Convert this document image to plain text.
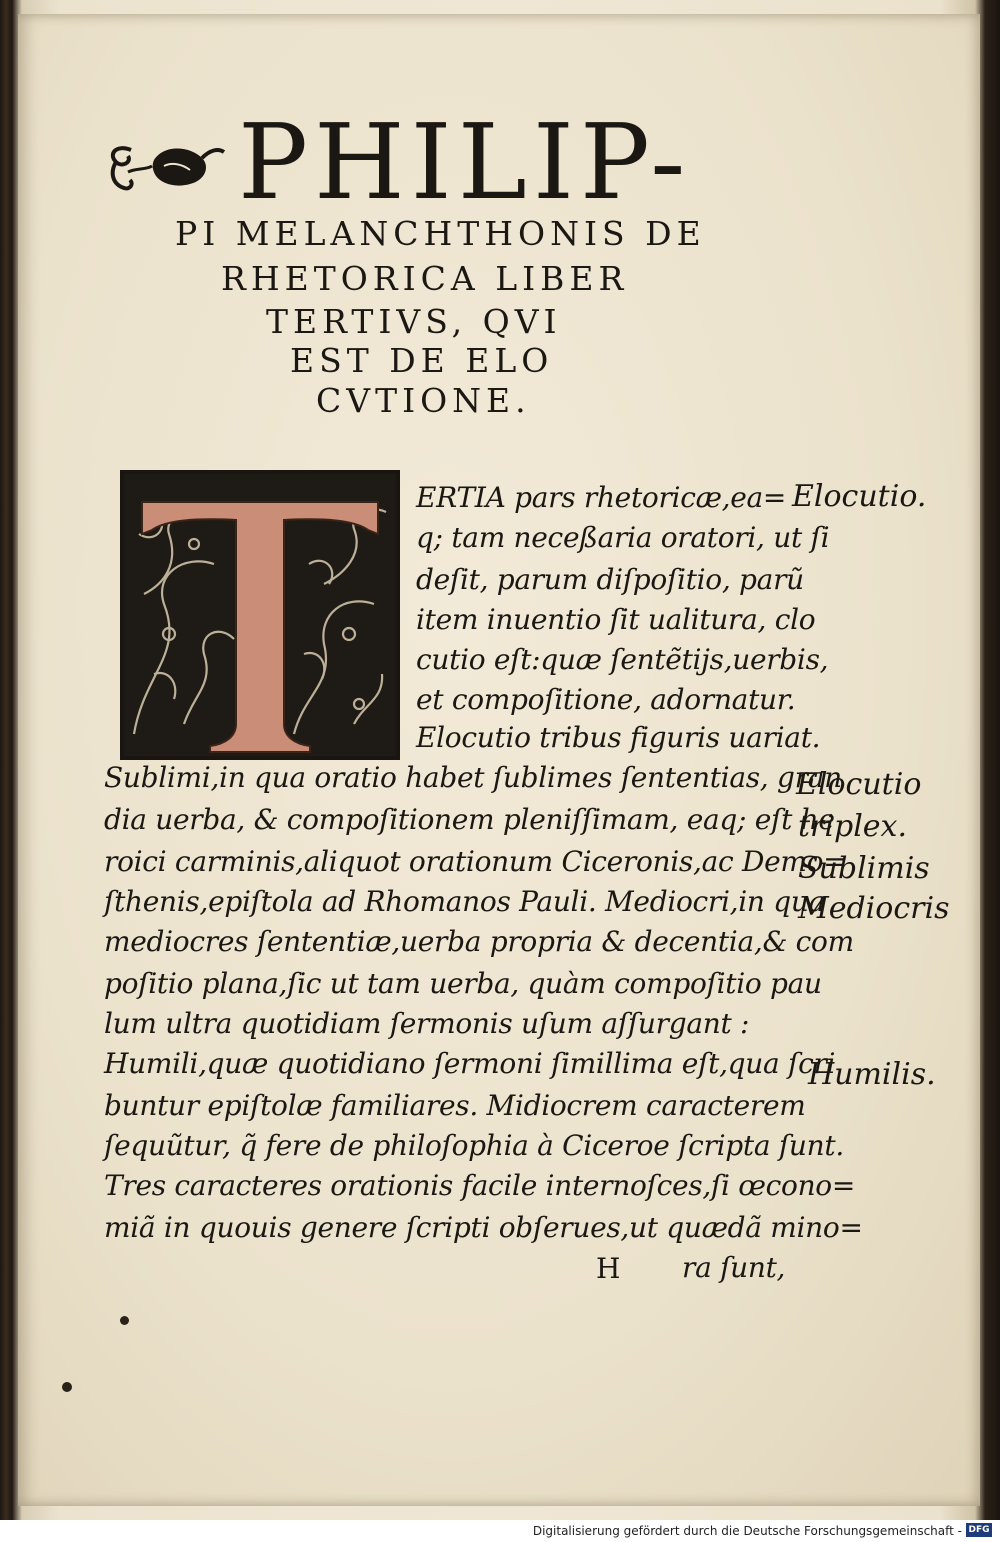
PHILIP-
PI MELANCHTHONIS DE
RHETORICA LIBER
TERTIVS, QVI
EST DE ELO
CVTIONE.
ERTIA pars rhetoricæ,ea=
q; tam neceßaria oratori, ut ſi
deſit, parum diſpoſitio, parũ
item inuentio ſit ualitura, clo
cutio eſt:quæ ſentẽtijs,uerbis,
et compoſitione, adornatur.
Elocutio tribus figuris uariat.
Sublimi,in qua oratio habet ſublimes ſententias, gran
dia uerba, & compoſitionem pleniſſimam, eaq; eſt he
roici carminis,aliquot orationum Ciceronis,ac Demo=
ſthenis,epiſtola ad Rhomanos Pauli. Mediocri,in qua
mediocres ſententiæ,uerba propria & decentia,& com
poſitio plana,ſic ut tam uerba, quàm compoſitio pau
lum ultra quotidiam ſermonis uſum aſſurgant :
Humili,quæ quotidiano ſermoni ſimillima eſt,qua ſcri
buntur epiſtolæ familiares. Midiocrem caracterem
ſequũtur, q̃ fere de philoſophia à Ciceroe ſcripta ſunt.
Tres caracteres orationis facile internoſces,ſi œcono=
miã in quouis genere ſcripti obſerues,ut quædã mino=
H ra ſunt,
Elocutio.
Elocutio
triplex.
Sublimis
Mediocris
Humilis.
Digitalisierung gefördert durch die Deutsche Forschungsgemeinschaft - DFG
